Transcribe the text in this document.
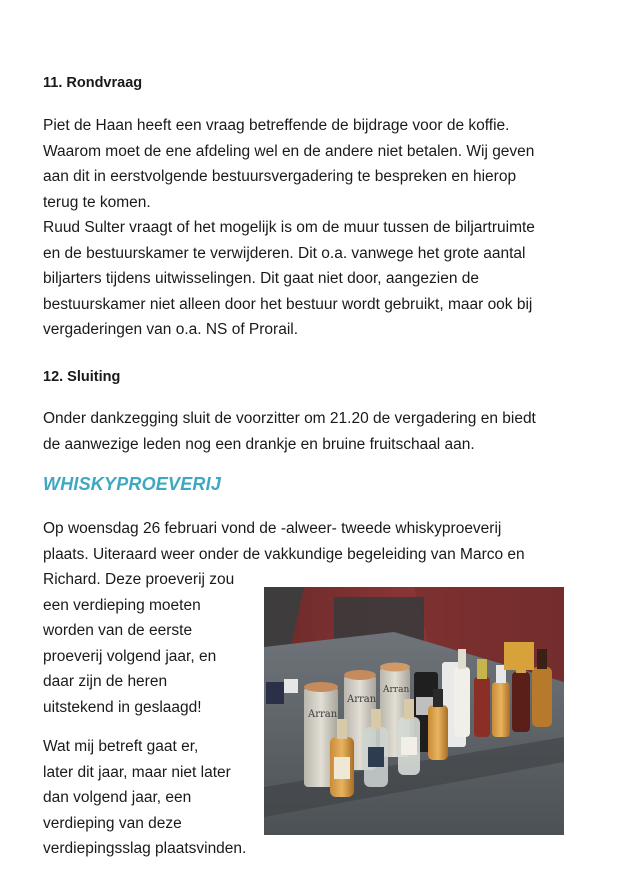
11. Rondvraag

Piet de Haan heeft een vraag betreffende de bijdrage voor de koffie.
Waarom moet de ene afdeling wel en de andere niet betalen. Wij geven
aan dit in eerstvolgende bestuursvergadering te bespreken en hierop
terug te komen.

Ruud Sulter vraagt of het mogelijk is om de muur tussen de biljartruimte
en de bestuurskamer te verwijderen. Dit o.a. vanwege het grote aantal
biljarters tijdens uitwisselingen. Dit gaat niet door, aangezien de
bestuurskamer niet alleen door het bestuur wordt gebruikt, maar ook bij
vergaderingen van o.a. NS of Prorail.

12. Sluiting

Onder dankzegging sluit de voorzitter om 21.20 de vergadering en biedt
de aanwezige leden nog een drankje en bruine fruitschaal aan.

WHISKYPROEVERIJ

Op woensdag 26 februari vond de -alweer- tweede whiskyproeverij
plaats. Uiteraard weer onder de vakkundige begeleiding van Marco en

Richard. Deze proeverij zou
een verdieping moeten
worden van de eerste
proeverij volgend jaar, en
daar zijn de heren
uitstekend in geslaagd!

Wat mij betreft gaat er,
later dit jaar, maar niet later
dan volgend jaar, een
verdieping van deze
verdiepingsslag plaatsvinden.

Arran
Arran
Arran
